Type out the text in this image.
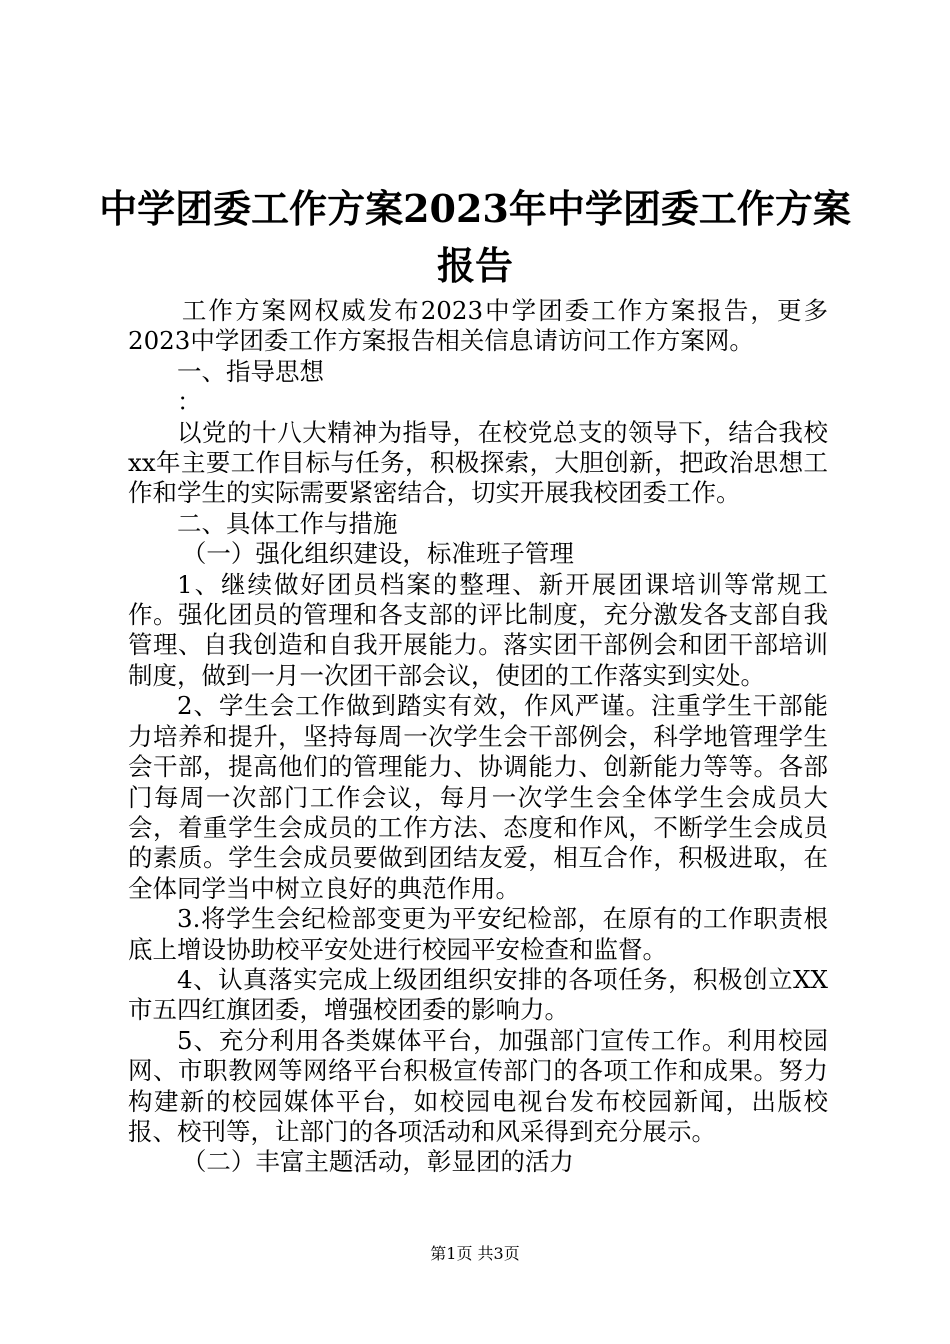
中学团委工作方案2023年中学团委工作方案
报告

工作方案网权威发布2023中学团委工作方案报告，更多2023中学团委工作方案报告相关信息请访问工作方案网。

一、指导思想

：

以党的十八大精神为指导，在校党总支的领导下，结合我校xx年主要工作目标与任务，积极探索，大胆创新，把政治思想工作和学生的实际需要紧密结合，切实开展我校团委工作。

二、具体工作与措施

（一）强化组织建设，标准班子管理

1、继续做好团员档案的整理、新开展团课培训等常规工作。强化团员的管理和各支部的评比制度，充分激发各支部自我管理、自我创造和自我开展能力。落实团干部例会和团干部培训制度，做到一月一次团干部会议，使团的工作落实到实处。

2、学生会工作做到踏实有效，作风严谨。注重学生干部能力培养和提升，坚持每周一次学生会干部例会，科学地管理学生会干部，提高他们的管理能力、协调能力、创新能力等等。各部门每周一次部门工作会议，每月一次学生会全体学生会成员大会，着重学生会成员的工作方法、态度和作风，不断学生会成员的素质。学生会成员要做到团结友爱，相互合作，积极进取，在全体同学当中树立良好的典范作用。

3.将学生会纪检部变更为平安纪检部，在原有的工作职责根底上增设协助校平安处进行校园平安检查和监督。

4、认真落实完成上级团组织安排的各项任务，积极创立XX市五四红旗团委，增强校团委的影响力。

5、充分利用各类媒体平台，加强部门宣传工作。利用校园网、市职教网等网络平台积极宣传部门的各项工作和成果。努力构建新的校园媒体平台，如校园电视台发布校园新闻，出版校报、校刊等，让部门的各项活动和风采得到充分展示。

（二）丰富主题活动，彰显团的活力

第1页 共3页
